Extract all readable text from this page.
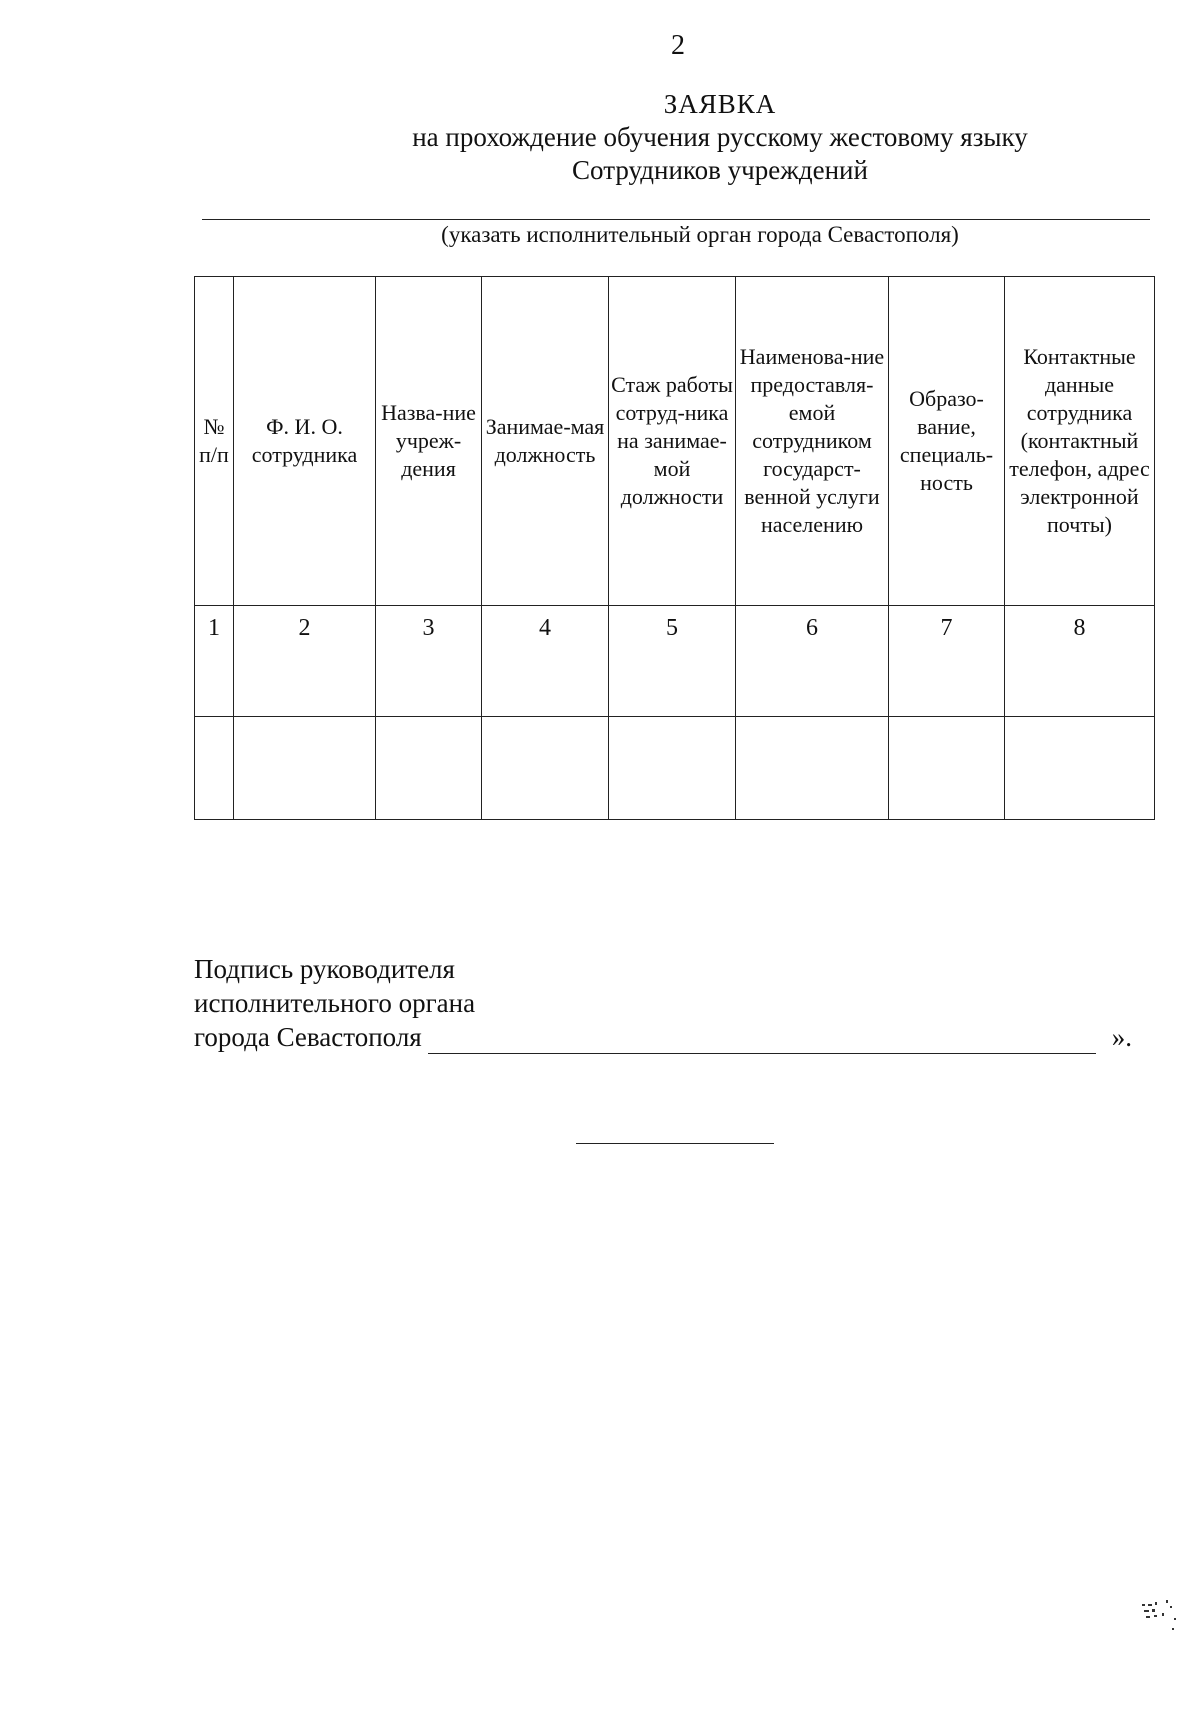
2
ЗАЯВКА
на прохождение обучения русскому жестовому языку
Сотрудников учреждений
(указать исполнительный орган города Севастополя)
№ п/п	Ф. И. О. сотрудника	Назва-ние учреж-дения	Занимае-мая должность	Стаж работы сотруд-ника на занимае-мой должности	Наименова-ние предоставля-емой сотрудником государст-венной услуги населению	Образо-вание, специаль-ность	Контактные данные сотрудника (контактный телефон, адрес электронной почты)
1	2	3	4	5	6	7	8

Подпись руководителя
исполнительного органа
города Севастополя	».
